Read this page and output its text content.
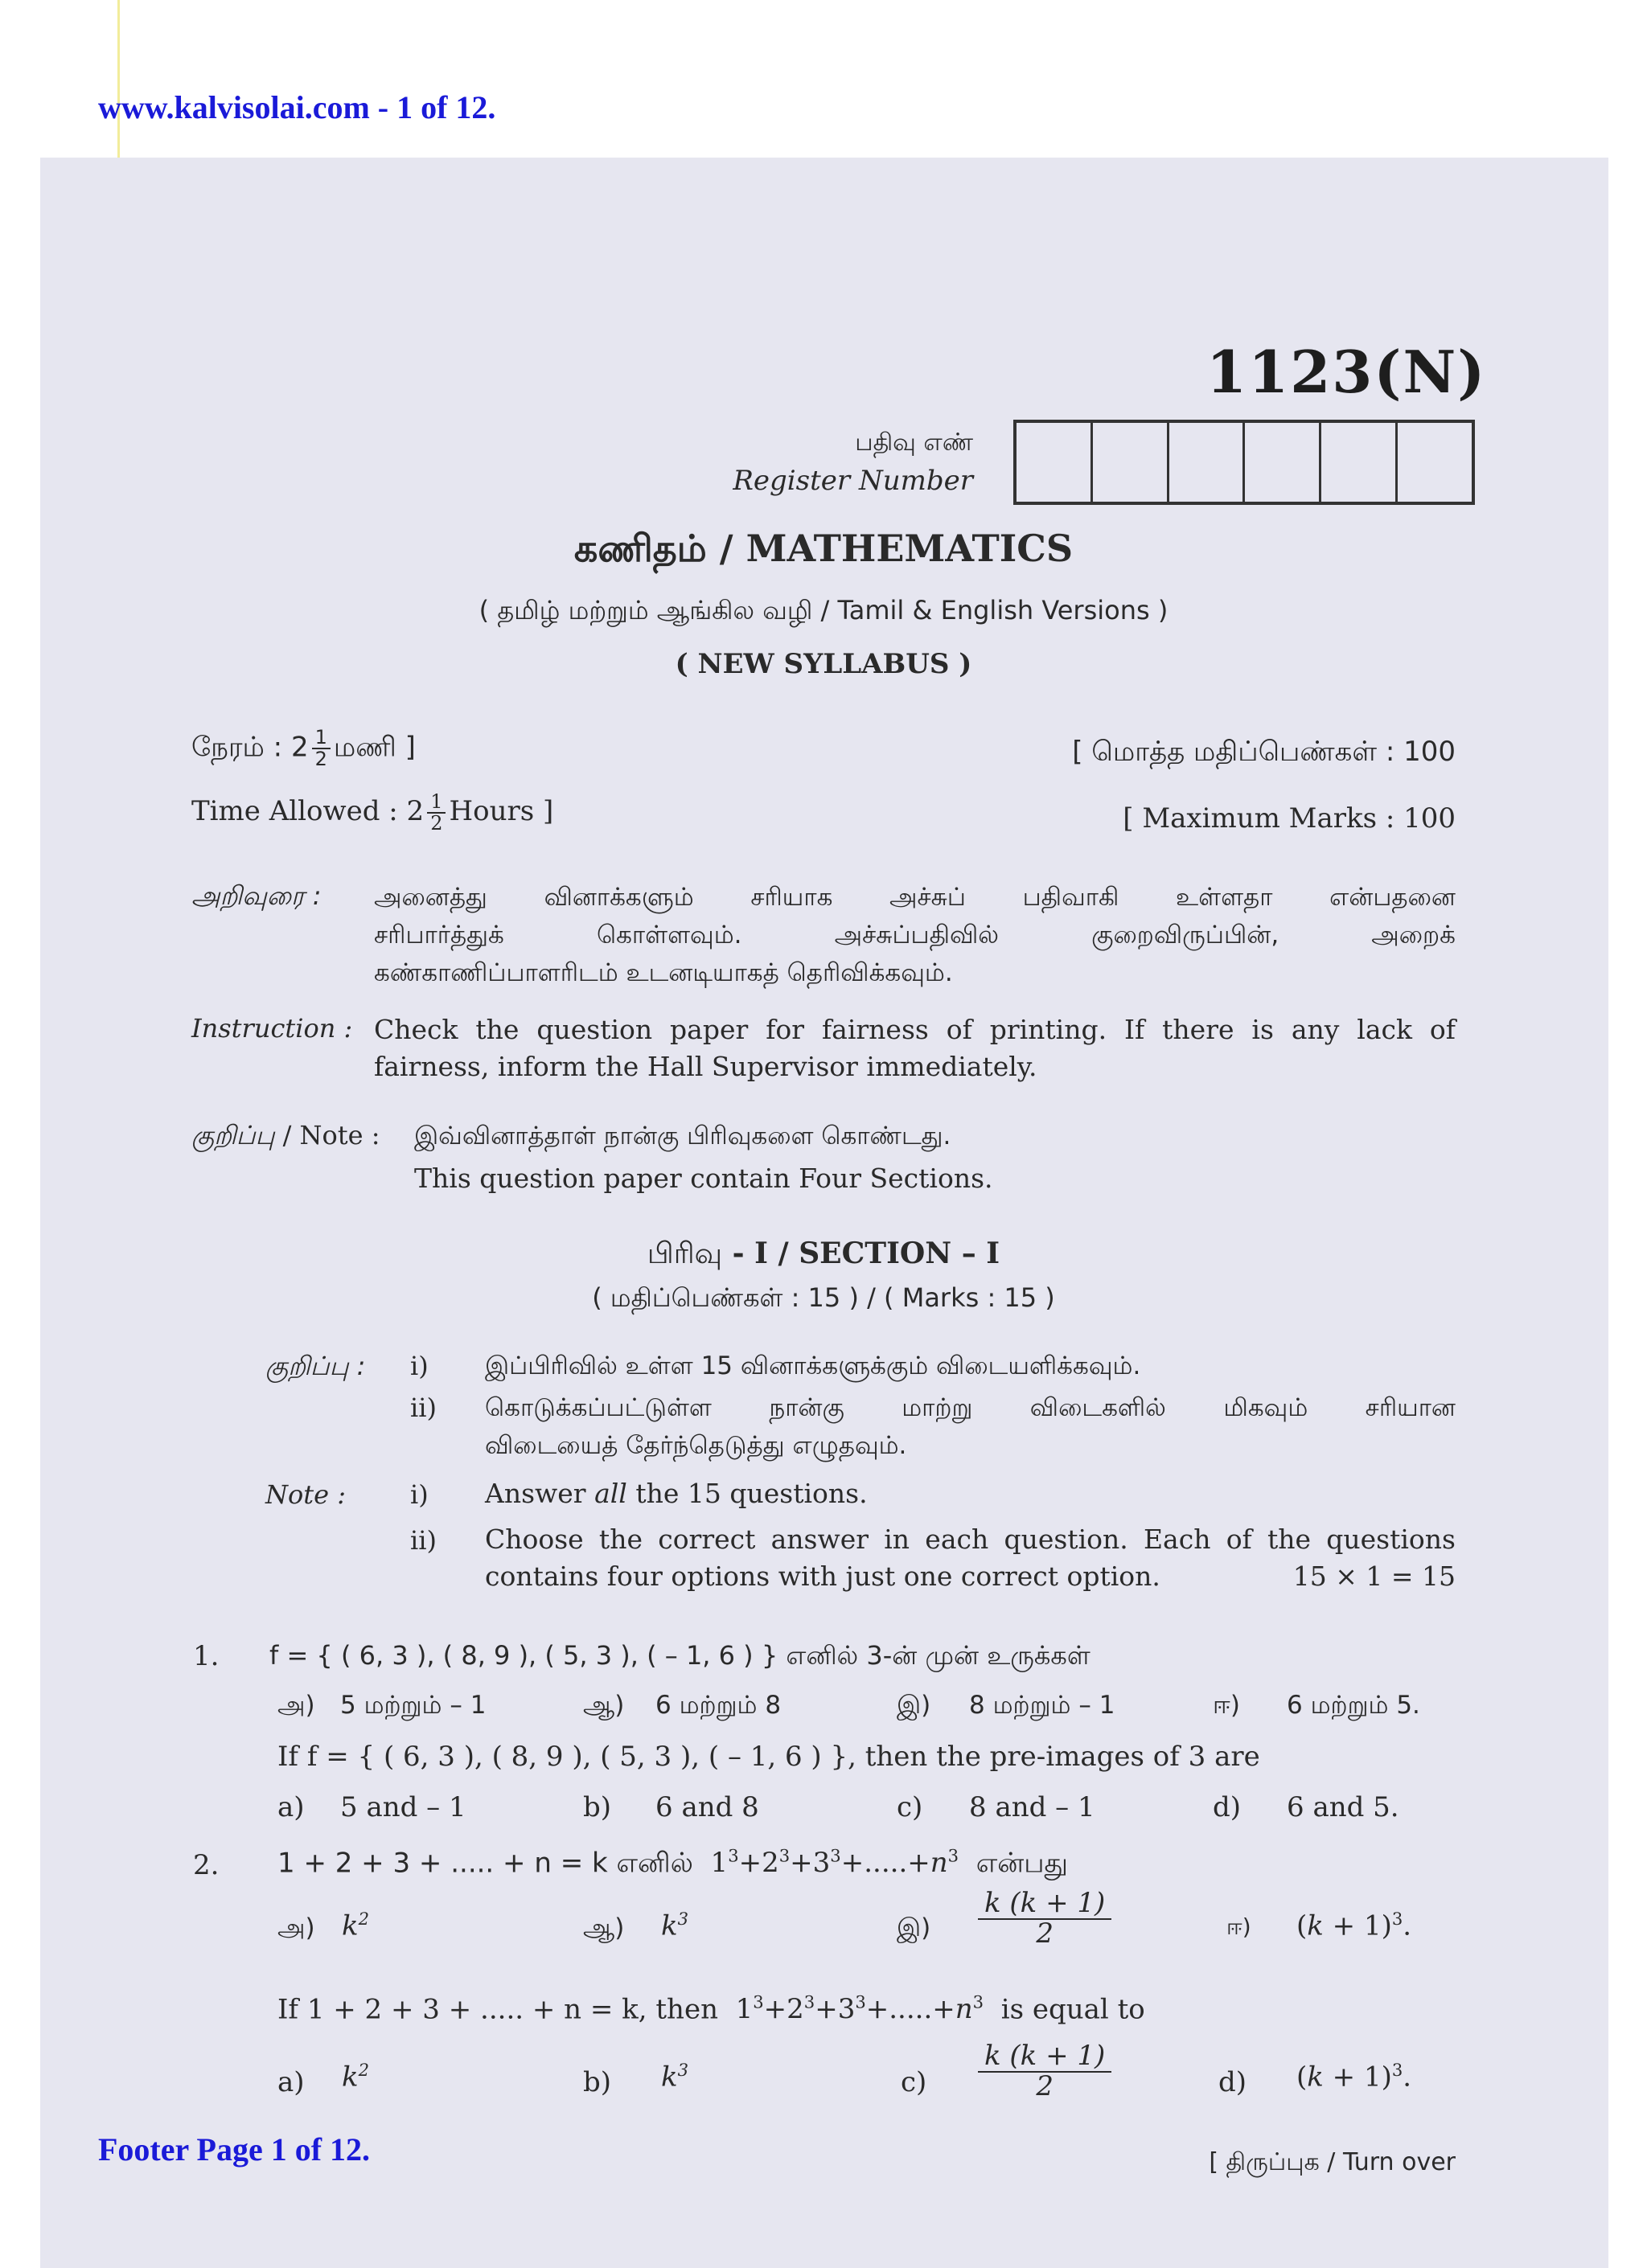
www.kalvisolai.com - 1 of 12.
1123(N)
பதிவு எண்
Register Number
கணிதம் / MATHEMATICS
( தமிழ் மற்றும் ஆங்கில வழி / Tamil & English Versions )
( NEW SYLLABUS )
நேரம் : $2 \frac{1}{2}$ மணி ]	[ மொத்த மதிப்பெண்கள் : 100
Time Allowed : $2 \frac{1}{2}$ Hours ]	[ Maximum Marks : 100
அறிவுரை : அனைத்து வினாக்களும் சரியாக அச்சுப் பதிவாகி உள்ளதா என்பதனை
சரிபார்த்துக் கொள்ளவும். அச்சுப்பதிவில் குறைவிருப்பின், அறைக்
கண்காணிப்பாளரிடம் உடனடியாகத் தெரிவிக்கவும்.
Instruction : Check the question paper for fairness of printing. If there is any lack of
fairness, inform the Hall Supervisor immediately.
குறிப்பு / Note : இவ்வினாத்தாள் நான்கு பிரிவுகளை கொண்டது.
This question paper contain Four Sections.
பிரிவு - I / SECTION – I
( மதிப்பெண்கள் : 15 ) / ( Marks : 15 )
குறிப்பு : i) இப்பிரிவில் உள்ள 15 வினாக்களுக்கும் விடையளிக்கவும்.
ii) கொடுக்கப்பட்டுள்ள நான்கு மாற்று விடைகளில் மிகவும் சரியான
விடையைத் தேர்ந்தெடுத்து எழுதவும்.
Note : i) Answer all the 15 questions.
ii) Choose the correct answer in each question. Each of the questions
contains four options with just one correct option.	15 × 1 = 15
1. f = { ( 6, 3 ), ( 8, 9 ), ( 5, 3 ), ( – 1, 6 ) } எனில் 3-ன் முன் உருக்கள்
அ) 5 மற்றும் – 1	ஆ) 6 மற்றும் 8	இ) 8 மற்றும் – 1	ஈ) 6 மற்றும் 5.
If f = { ( 6, 3 ), ( 8, 9 ), ( 5, 3 ), ( – 1, 6 ) }, then the pre-images of 3 are
a) 5 and – 1	b) 6 and 8	c) 8 and – 1	d) 6 and 5.
2. 1 + 2 + 3 + ..... + n = k எனில்  $1^3+2^3+3^3+.....+n^3$ என்பது
அ) $k^2$	ஆ) $k^3$	இ) $\frac{k (k + 1)}{2}$	ஈ) $(k + 1)^3$.
If 1 + 2 + 3 + ..... + n = k, then  $1^3+2^3+3^3+.....+n^3$ is equal to
a) $k^2$	b) $k^3$	$c) \frac{k (k + 1)}{2}$	d) $(k + 1)^3$.
Footer Page 1 of 12.	[ திருப்புக / Turn over
